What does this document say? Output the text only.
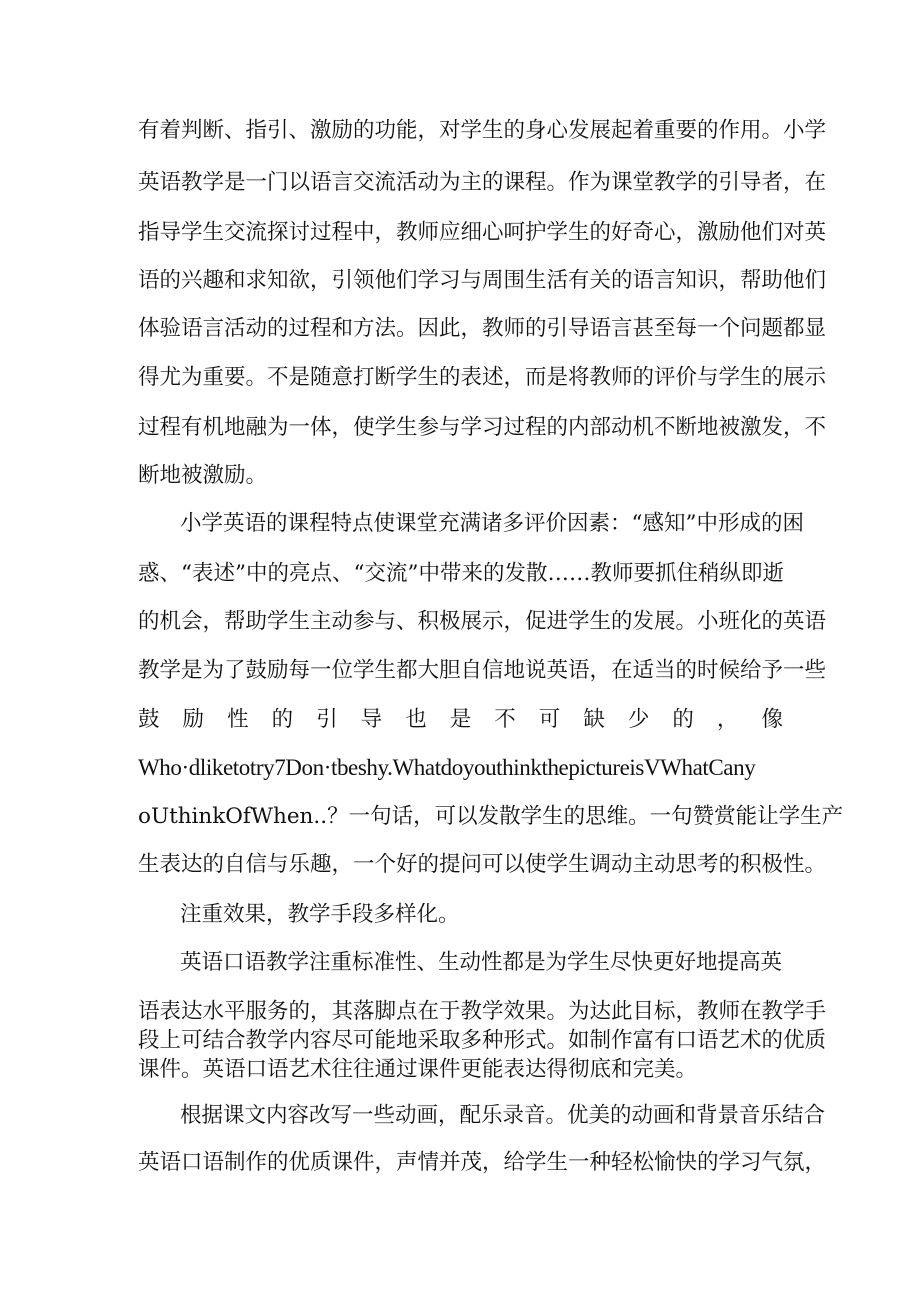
有着判断、指引、激励的功能，对学生的身心发展起着重要的作用。小学
英语教学是一门以语言交流活动为主的课程。作为课堂教学的引导者，在
指导学生交流探讨过程中，教师应细心呵护学生的好奇心，激励他们对英
语的兴趣和求知欲，引领他们学习与周围生活有关的语言知识，帮助他们
体验语言活动的过程和方法。因此，教师的引导语言甚至每一个问题都显
得尤为重要。不是随意打断学生的表述，而是将教师的评价与学生的展示
过程有机地融为一体，使学生参与学习过程的内部动机不断地被激发，不
断地被激励。
小学英语的课程特点使课堂充满诸多评价因素：“感知”中形成的困
惑、“表述”中的亮点、“交流”中带来的发散……教师要抓住稍纵即逝
的机会，帮助学生主动参与、积极展示，促进学生的发展。小班化的英语
教学是为了鼓励每一位学生都大胆自信地说英语，在适当的时候给予一些
鼓 励 性 的 引 导 也 是 不 可 缺 少 的 ， 像
Who·dliketotry7Don·tbeshy.WhatdoyouthinkthepictureisVWhatCany
oUthinkOfWhen..？一句话，可以发散学生的思维。一句赞赏能让学生产
生表达的自信与乐趣，一个好的提问可以使学生调动主动思考的积极性。
注重效果，教学手段多样化。
英语口语教学注重标准性、生动性都是为学生尽快更好地提高英
语表达水平服务的，其落脚点在于教学效果。为达此目标，教师在教学手
段上可结合教学内容尽可能地采取多种形式。如制作富有口语艺术的优质
课件。英语口语艺术往往通过课件更能表达得彻底和完美。
根据课文内容改写一些动画，配乐录音。优美的动画和背景音乐结合
英语口语制作的优质课件，声情并茂，给学生一种轻松愉快的学习气氛，
